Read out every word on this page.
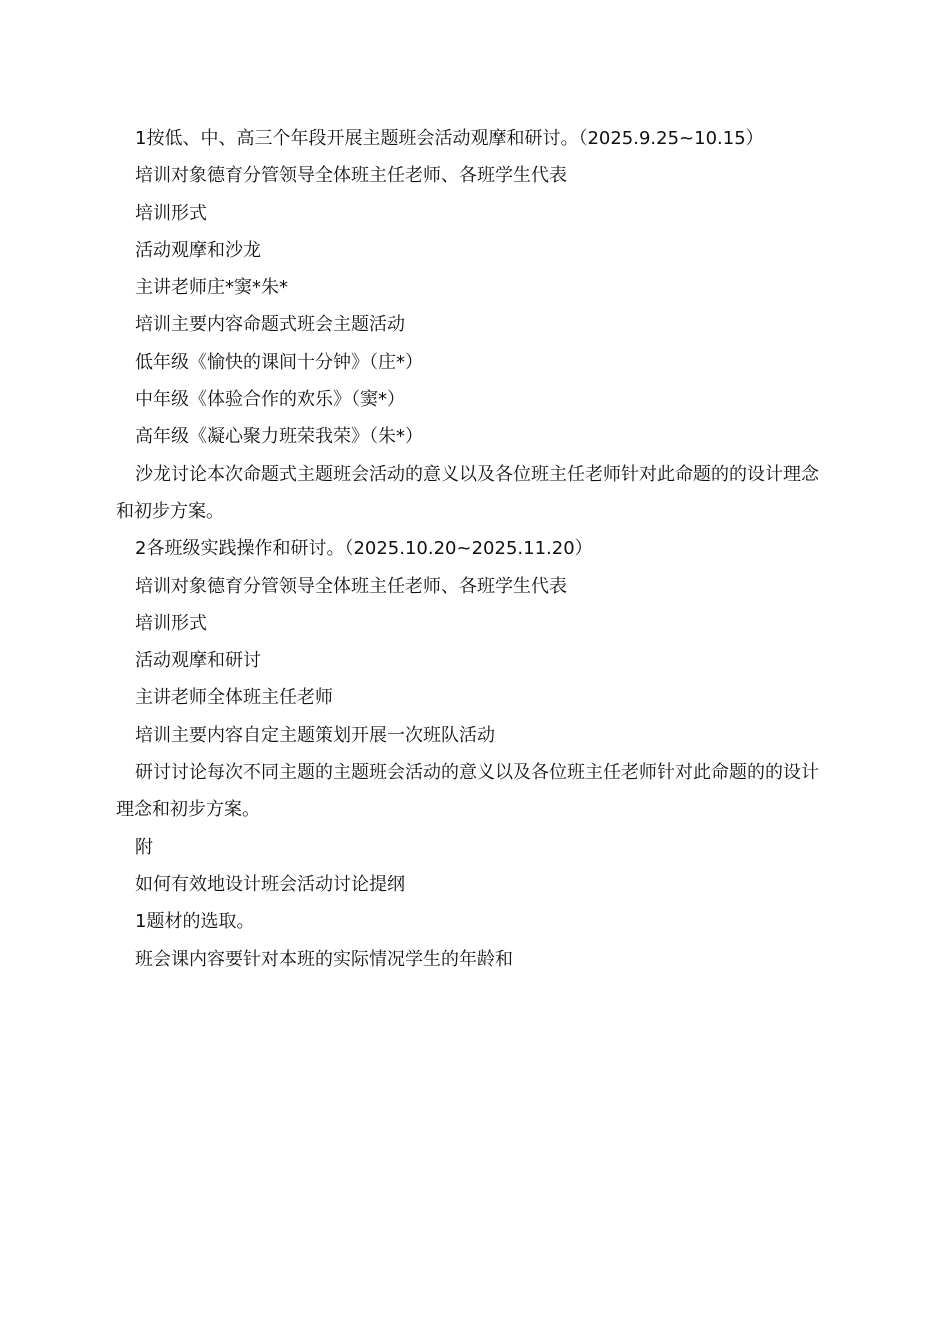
1按低、中、高三个年段开展主题班会活动观摩和研讨。（2025.9.25~10.15）

培训对象德育分管领导全体班主任老师、各班学生代表

培训形式

活动观摩和沙龙

主讲老师庄*窦*朱*

培训主要内容命题式班会主题活动

低年级《愉快的课间十分钟》（庄*）

中年级《体验合作的欢乐》（窦*）

高年级《凝心聚力班荣我荣》（朱*）

沙龙讨论本次命题式主题班会活动的意义以及各位班主任老师针对此命题的的设计理念和初步方案。

2各班级实践操作和研讨。（2025.10.20~2025.11.20）

培训对象德育分管领导全体班主任老师、各班学生代表

培训形式

活动观摩和研讨

主讲老师全体班主任老师

培训主要内容自定主题策划开展一次班队活动

研讨讨论每次不同主题的主题班会活动的意义以及各位班主任老师针对此命题的的设计理念和初步方案。

附

如何有效地设计班会活动讨论提纲

1题材的选取。

班会课内容要针对本班的实际情况学生的年龄和
